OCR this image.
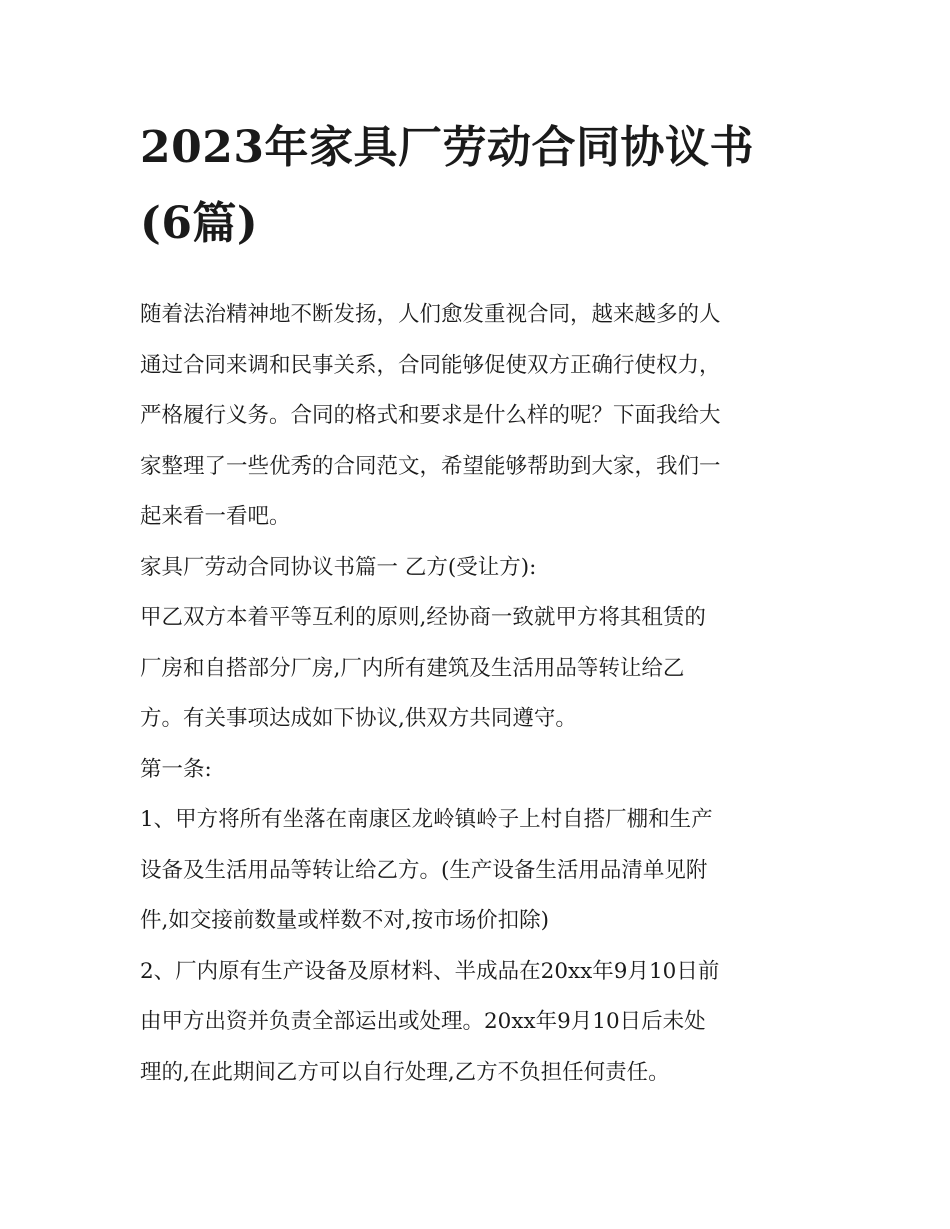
2023年家具厂劳动合同协议书
(6篇)

随着法治精神地不断发扬，人们愈发重视合同，越来越多的人
通过合同来调和民事关系，合同能够促使双方正确行使权力，
严格履行义务。合同的格式和要求是什么样的呢？下面我给大
家整理了一些优秀的合同范文，希望能够帮助到大家，我们一
起来看一看吧。

家具厂劳动合同协议书篇一 乙方(受让方):

甲乙双方本着平等互利的原则,经协商一致就甲方将其租赁的
厂房和自搭部分厂房,厂内所有建筑及生活用品等转让给乙
方。有关事项达成如下协议,供双方共同遵守。

第一条:

1、甲方将所有坐落在南康区龙岭镇岭子上村自搭厂棚和生产
设备及生活用品等转让给乙方。(生产设备生活用品清单见附
件,如交接前数量或样数不对,按市场价扣除)

2、厂内原有生产设备及原材料、半成品在20xx年9月10日前
由甲方出资并负责全部运出或处理。20xx年9月10日后未处
理的,在此期间乙方可以自行处理,乙方不负担任何责任。
